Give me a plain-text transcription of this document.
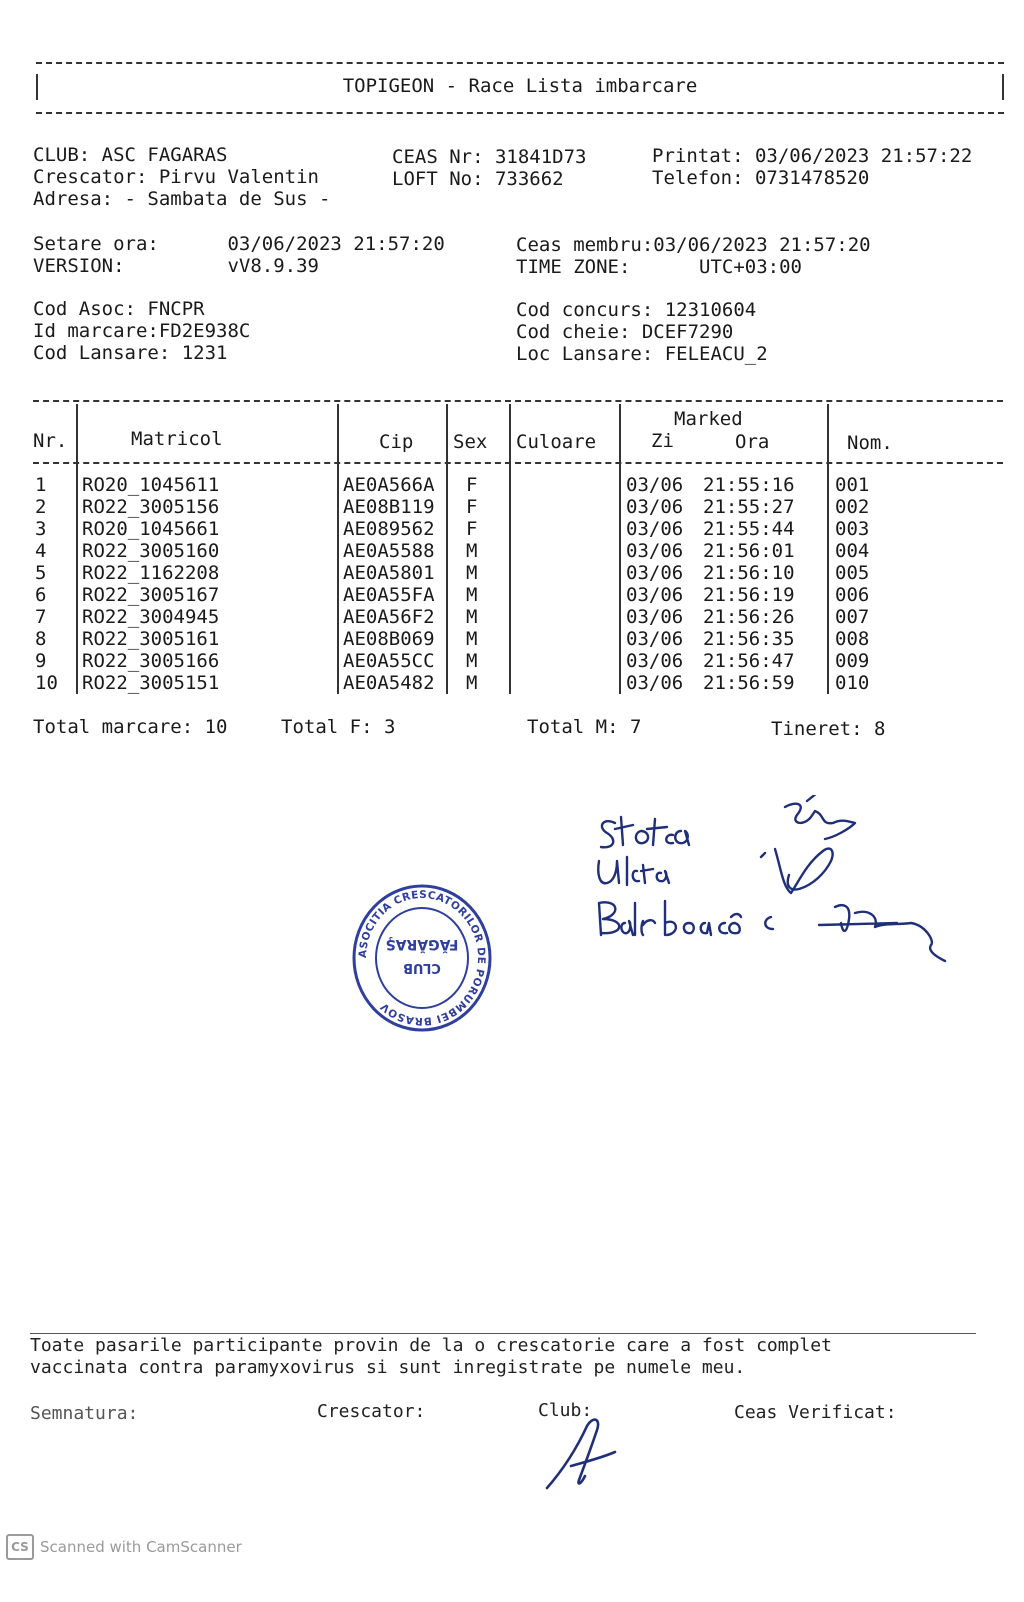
TOPIGEON - Race Lista imbarcare
CLUB: ASC FAGARAS
Crescator: Pirvu Valentin
Adresa: - Sambata de Sus -
CEAS Nr: 31841D73
LOFT No: 733662
Printat: 03/06/2023 21:57:22
Telefon: 0731478520
Setare ora:      03/06/2023 21:57:20
VERSION:         vV8.9.39
Ceas membru:03/06/2023 21:57:20
TIME ZONE:      UTC+03:00
Cod Asoc: FNCPR
Id marcare:FD2E938C
Cod Lansare: 1231
Cod concurs: 12310604
Cod cheie: DCEF7290
Loc Lansare: FELEACU_2
Nr.	Matricol	Cip Sex Culoare
Marked
Zi	Ora	Nom.
1 RO20_1045611	AE0A566A F	03/06 21:55:16 001
2 RO22_3005156	AE08B119 F	03/06 21:55:27 002
3 RO20_1045661	AE089562 F	03/06 21:55:44 003
4 RO22_3005160	AE0A5588 M	03/06 21:56:01 004
5 RO22_1162208	AE0A5801 M	03/06 21:56:10 005
6 RO22_3005167	AE0A55FA M	03/06 21:56:19 006
7 RO22_3004945	AE0A56F2 M	03/06 21:56:26 007
8 RO22_3005161	AE08B069 M	03/06 21:56:35 008
9 RO22_3005166	AE0A55CC M	03/06 21:56:47 009
10 RO22_3005151	AE0A5482 M	03/06 21:56:59 010
Total marcare: 10	Total F: 3	Total M: 7	Tineret: 8
ASOCITIA CRESCATORILOR DE PORUMBEI BRASOV
CLUB
FĂGĂRAŞ
Toate pasarile participante provin de la o crescatorie care a fost complet
vaccinata contra paramyxovirus si sunt inregistrate pe numele meu.
Semnatura:	Crescator:	Club:	Ceas Verificat:
CS Scanned with CamScanner
